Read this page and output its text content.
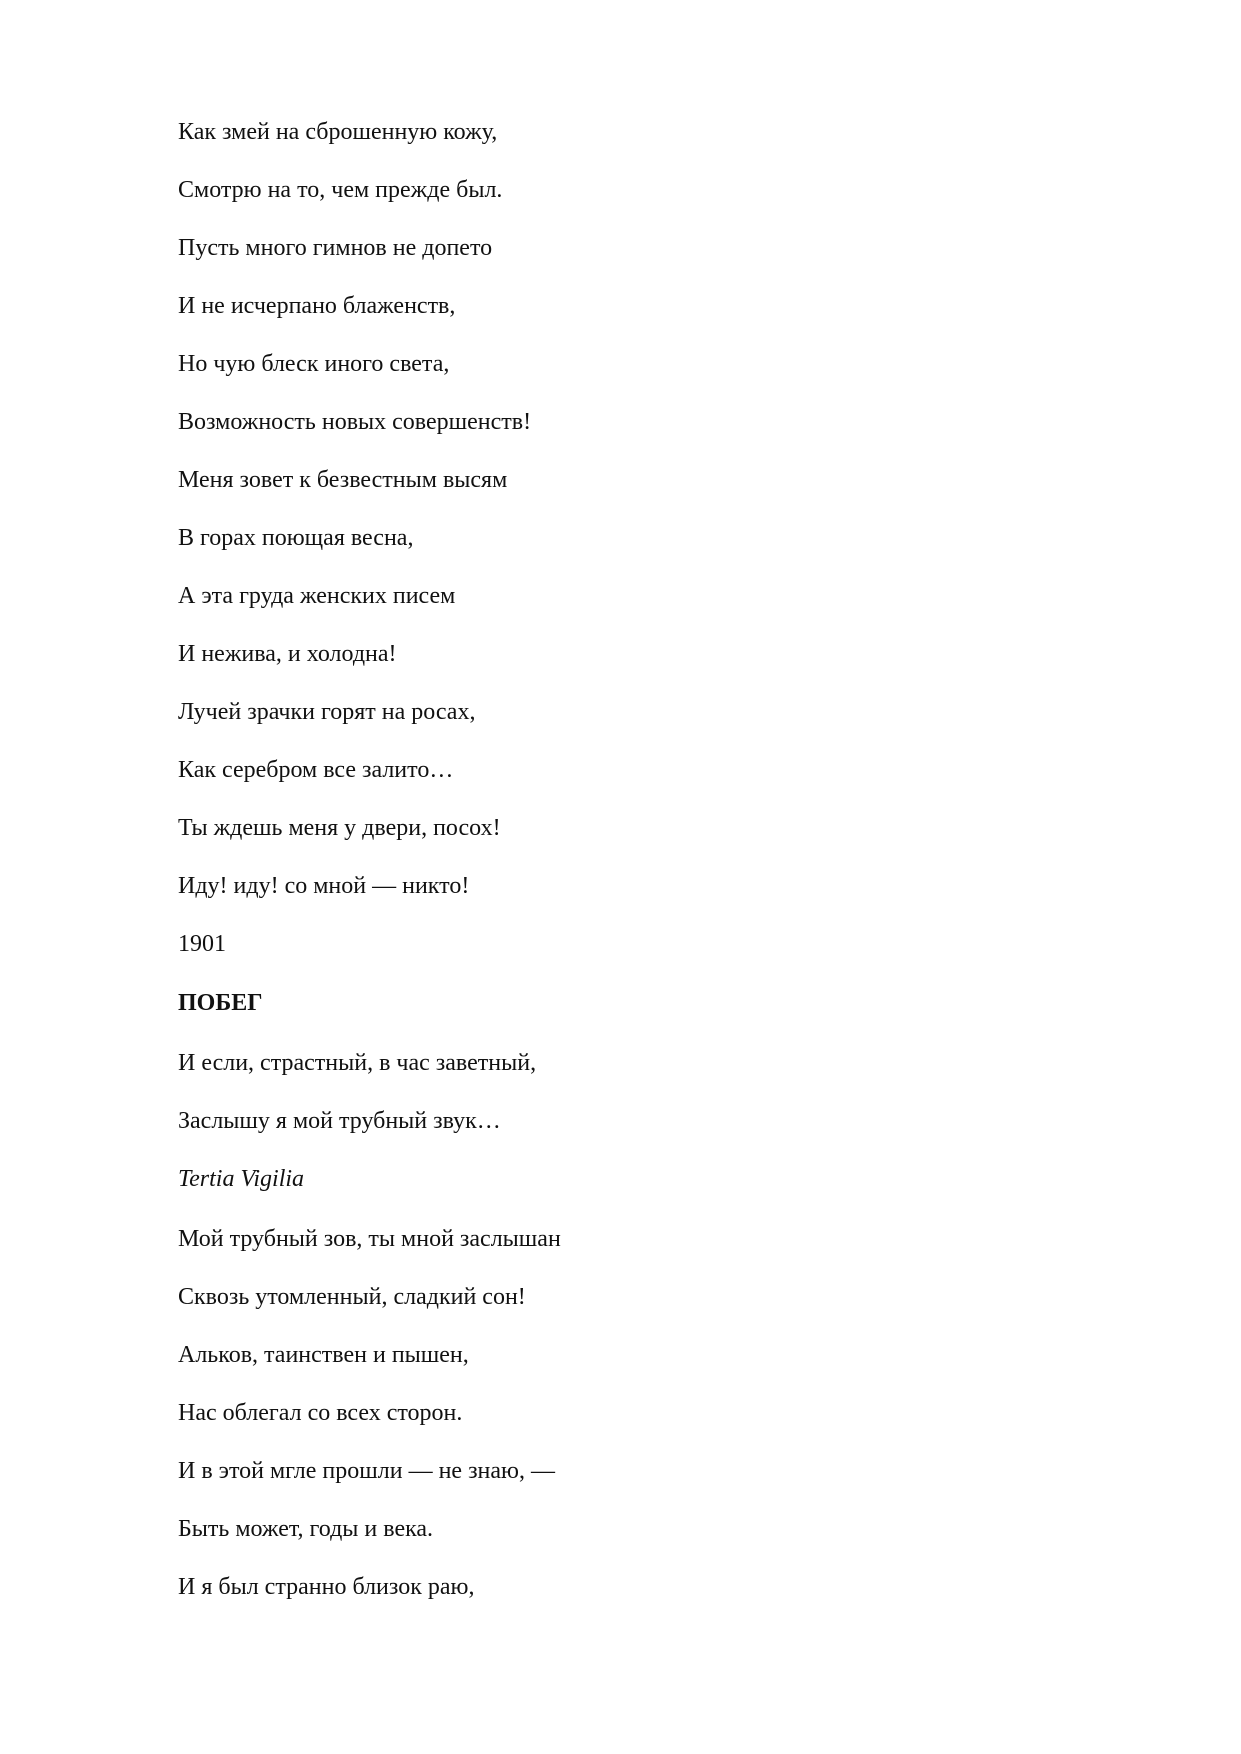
Как змей на сброшенную кожу,
Смотрю на то, чем прежде был.
Пусть много гимнов не допето
И не исчерпано блаженств,
Но чую блеск иного света,
Возможность новых совершенств!
Меня зовет к безвестным высям
В горах поющая весна,
А эта груда женских писем
И нежива, и холодна!
Лучей зрачки горят на росах,
Как серебром все залито…
Ты ждешь меня у двери, посох!
Иду! иду! со мной — никто!
1901
ПОБЕГ
И если, страстный, в час заветный,
Заслышу я мой трубный звук…
Tertia Vigilia
Мой трубный зов, ты мной заслышан
Сквозь утомленный, сладкий сон!
Альков, таинствен и пышен,
Нас облегал со всех сторон.
И в этой мгле прошли — не знаю, —
Быть может, годы и века.
И я был странно близок раю,
